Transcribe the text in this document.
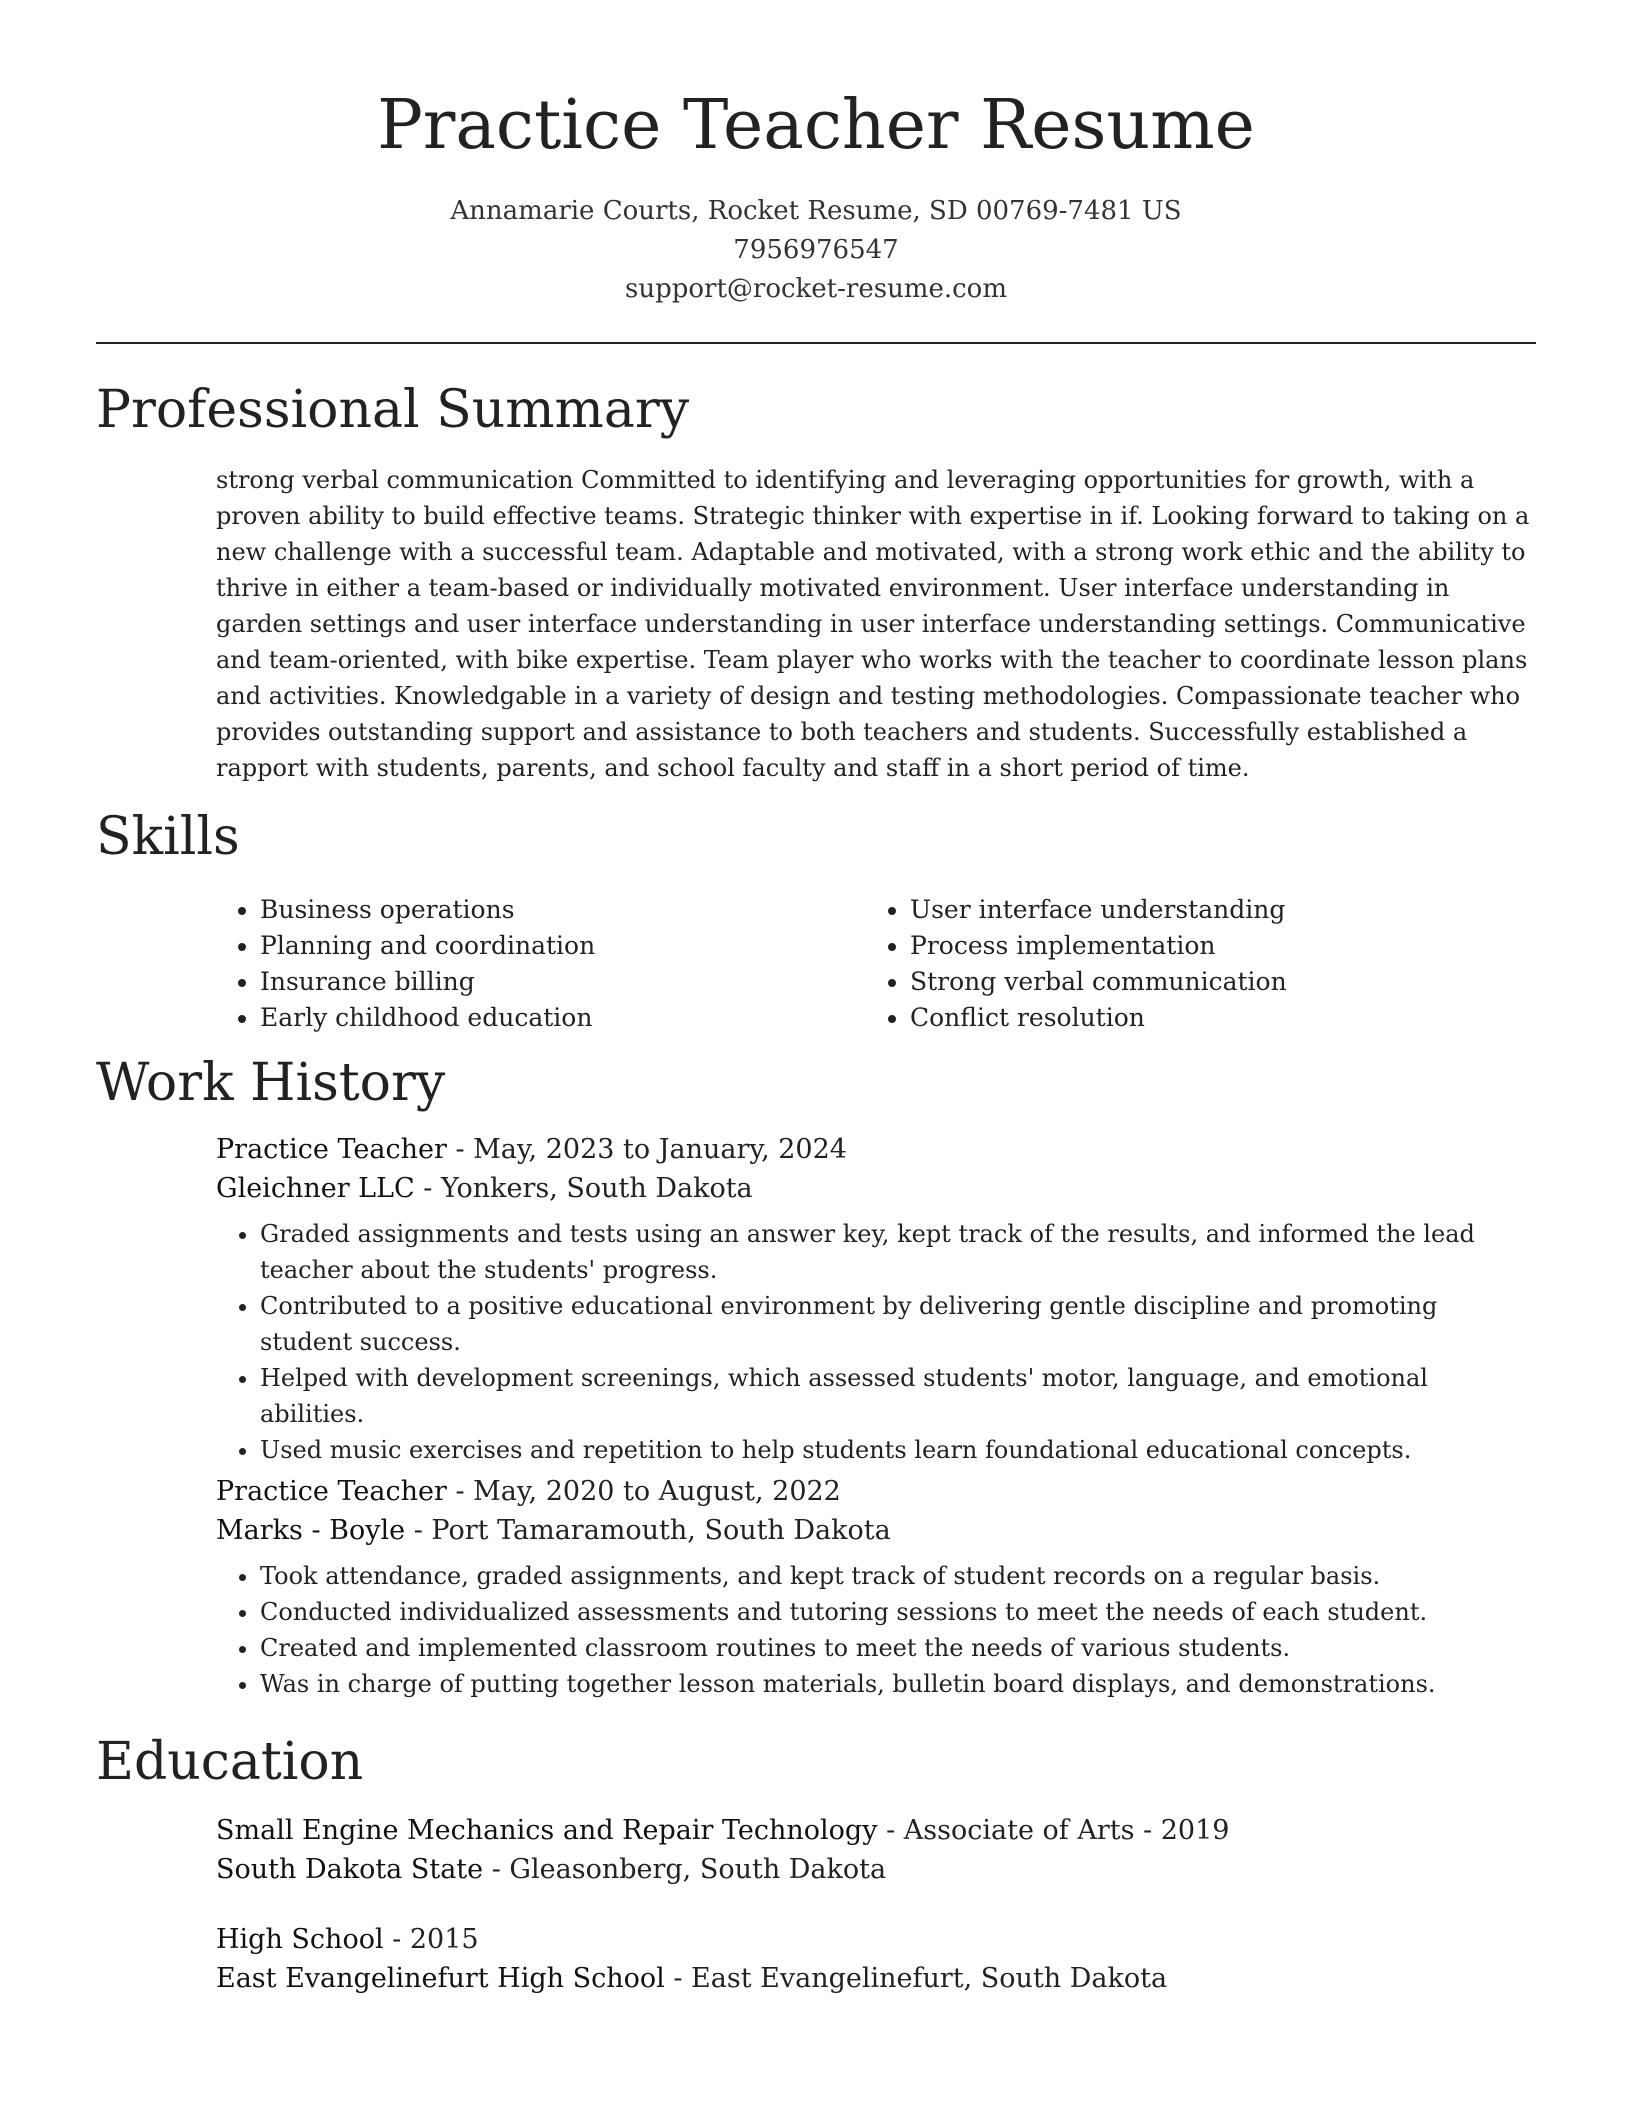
Practice Teacher Resume
Annamarie Courts, Rocket Resume, SD 00769-7481 US
7956976547
support@rocket-resume.com
Professional Summary

strong verbal communication Committed to identifying and leveraging opportunities for growth, with a proven ability to build effective teams. Strategic thinker with expertise in if. Looking forward to taking on a new challenge with a successful team. Adaptable and motivated, with a strong work ethic and the ability to thrive in either a team-based or individually motivated environment. User interface understanding in garden settings and user interface understanding in user interface understanding settings. Communicative and team-oriented, with bike expertise. Team player who works with the teacher to coordinate lesson plans and activities. Knowledgable in a variety of design and testing methodologies. Compassionate teacher who provides outstanding support and assistance to both teachers and students. Successfully established a rapport with students, parents, and school faculty and staff in a short period of time.

Skills
• Business operations
• Planning and coordination
• Insurance billing
• Early childhood education
• User interface understanding
• Process implementation
• Strong verbal communication
• Conflict resolution
Work History
Practice Teacher - May, 2023 to January, 2024
Gleichner LLC - Yonkers, South Dakota
• Graded assignments and tests using an answer key, kept track of the results, and informed the lead teacher about the students' progress.
• Contributed to a positive educational environment by delivering gentle discipline and promoting student success.
• Helped with development screenings, which assessed students' motor, language, and emotional abilities.
• Used music exercises and repetition to help students learn foundational educational concepts.
Practice Teacher - May, 2020 to August, 2022
Marks - Boyle - Port Tamaramouth, South Dakota
• Took attendance, graded assignments, and kept track of student records on a regular basis.
• Conducted individualized assessments and tutoring sessions to meet the needs of each student.
• Created and implemented classroom routines to meet the needs of various students.
• Was in charge of putting together lesson materials, bulletin board displays, and demonstrations.
Education
Small Engine Mechanics and Repair Technology - Associate of Arts - 2019
South Dakota State - Gleasonberg, South Dakota
High School - 2015
East Evangelinefurt High School - East Evangelinefurt, South Dakota
